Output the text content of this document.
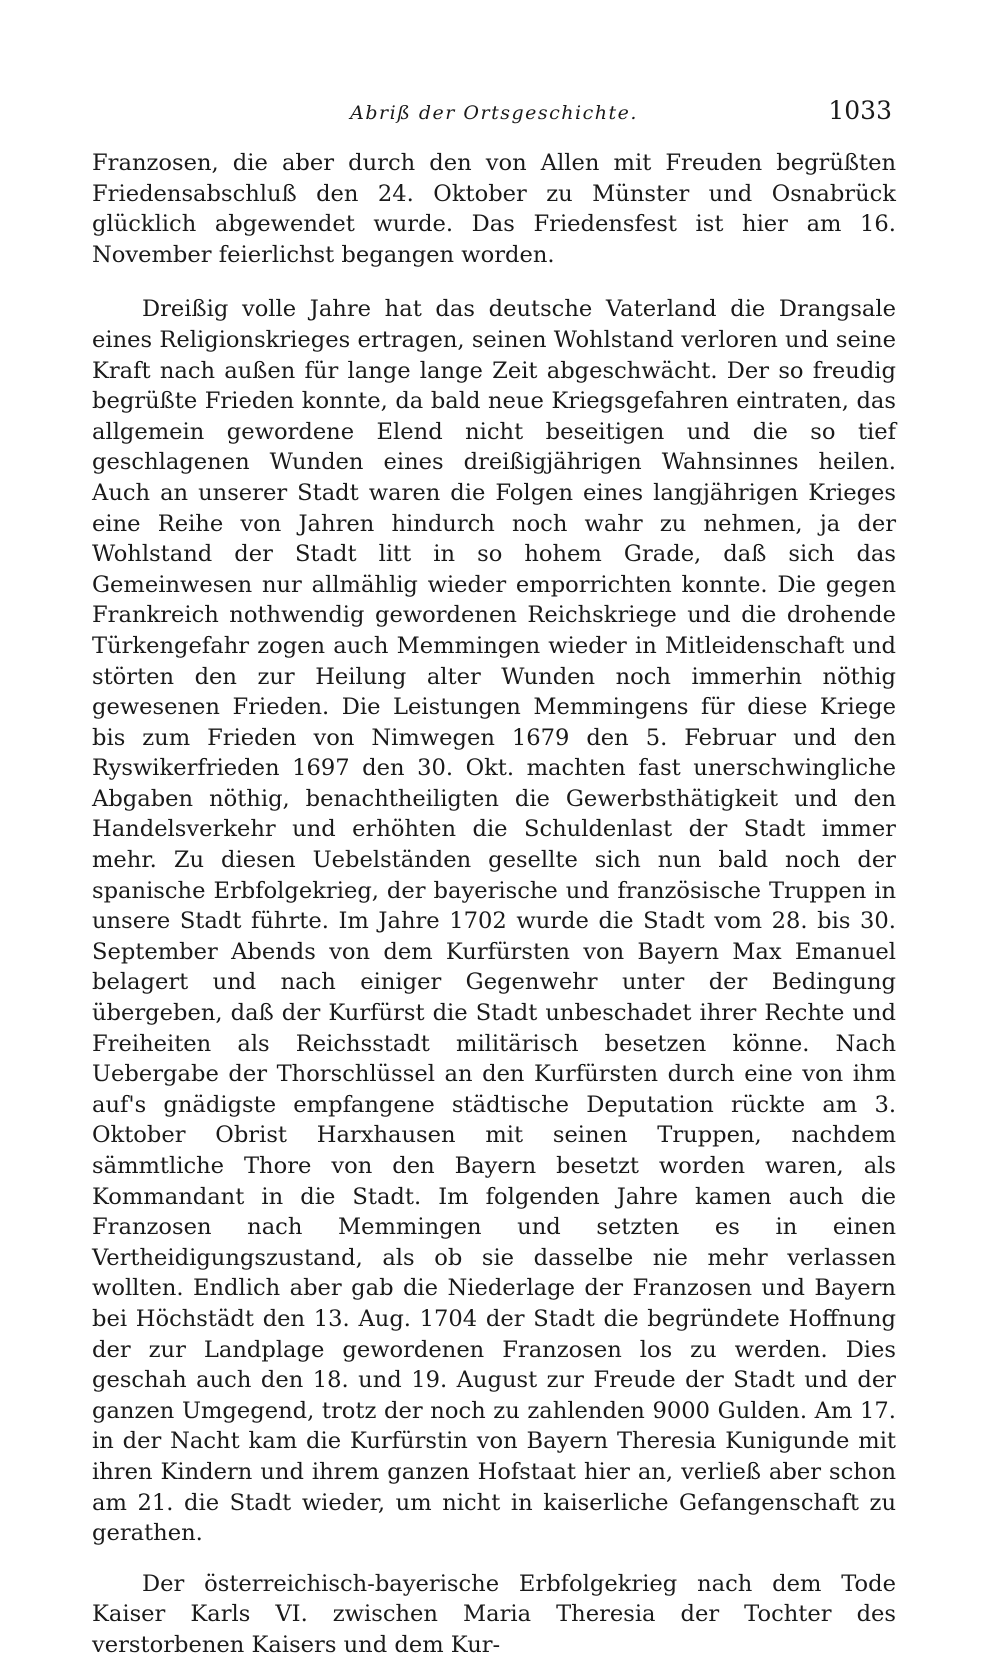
Abriß der Ortsgeschichte.	1033

Franzosen, die aber durch den von Allen mit Freuden begrüßten Friedensabschluß den 24. Oktober zu Münster und Osnabrück glücklich abgewendet wurde. Das Friedensfest ist hier am 16. November feierlichst begangen worden.

Dreißig volle Jahre hat das deutsche Vaterland die Drangsale eines Religionskrieges ertragen, seinen Wohlstand verloren und seine Kraft nach außen für lange lange Zeit abgeschwächt. Der so freudig begrüßte Frieden konnte, da bald neue Kriegsgefahren eintraten, das allgemein gewordene Elend nicht beseitigen und die so tief geschlagenen Wunden eines dreißigjährigen Wahnsinnes heilen. Auch an unserer Stadt waren die Folgen eines langjährigen Krieges eine Reihe von Jahren hindurch noch wahr zu nehmen, ja der Wohlstand der Stadt litt in so hohem Grade, daß sich das Gemeinwesen nur allmählig wieder emporrichten konnte. Die gegen Frankreich nothwendig gewordenen Reichskriege und die drohende Türkengefahr zogen auch Memmingen wieder in Mitleidenschaft und störten den zur Heilung alter Wunden noch immerhin nöthig gewesenen Frieden. Die Leistungen Memmingens für diese Kriege bis zum Frieden von Nimwegen 1679 den 5. Februar und den Ryswikerfrieden 1697 den 30. Okt. machten fast unerschwingliche Abgaben nöthig, benachtheiligten die Gewerbsthätigkeit und den Handelsverkehr und erhöhten die Schuldenlast der Stadt immer mehr. Zu diesen Uebelständen gesellte sich nun bald noch der spanische Erbfolgekrieg, der bayerische und französische Truppen in unsere Stadt führte. Im Jahre 1702 wurde die Stadt vom 28. bis 30. September Abends von dem Kurfürsten von Bayern Max Emanuel belagert und nach einiger Gegenwehr unter der Bedingung übergeben, daß der Kurfürst die Stadt unbeschadet ihrer Rechte und Freiheiten als Reichsstadt militärisch besetzen könne. Nach Uebergabe der Thorschlüssel an den Kurfürsten durch eine von ihm auf's gnädigste empfangene städtische Deputation rückte am 3. Oktober Obrist Harxhausen mit seinen Truppen, nachdem sämmtliche Thore von den Bayern besetzt worden waren, als Kommandant in die Stadt. Im folgenden Jahre kamen auch die Franzosen nach Memmingen und setzten es in einen Vertheidigungszustand, als ob sie dasselbe nie mehr verlassen wollten. Endlich aber gab die Niederlage der Franzosen und Bayern bei Höchstädt den 13. Aug. 1704 der Stadt die begründete Hoffnung der zur Landplage gewordenen Franzosen los zu werden. Dies geschah auch den 18. und 19. August zur Freude der Stadt und der ganzen Umgegend, trotz der noch zu zahlenden 9000 Gulden. Am 17. in der Nacht kam die Kurfürstin von Bayern Theresia Kunigunde mit ihren Kindern und ihrem ganzen Hofstaat hier an, verließ aber schon am 21. die Stadt wieder, um nicht in kaiserliche Gefangenschaft zu gerathen.

Der österreichisch-bayerische Erbfolgekrieg nach dem Tode Kaiser Karls VI. zwischen Maria Theresia der Tochter des verstorbenen Kaisers und dem Kur-
